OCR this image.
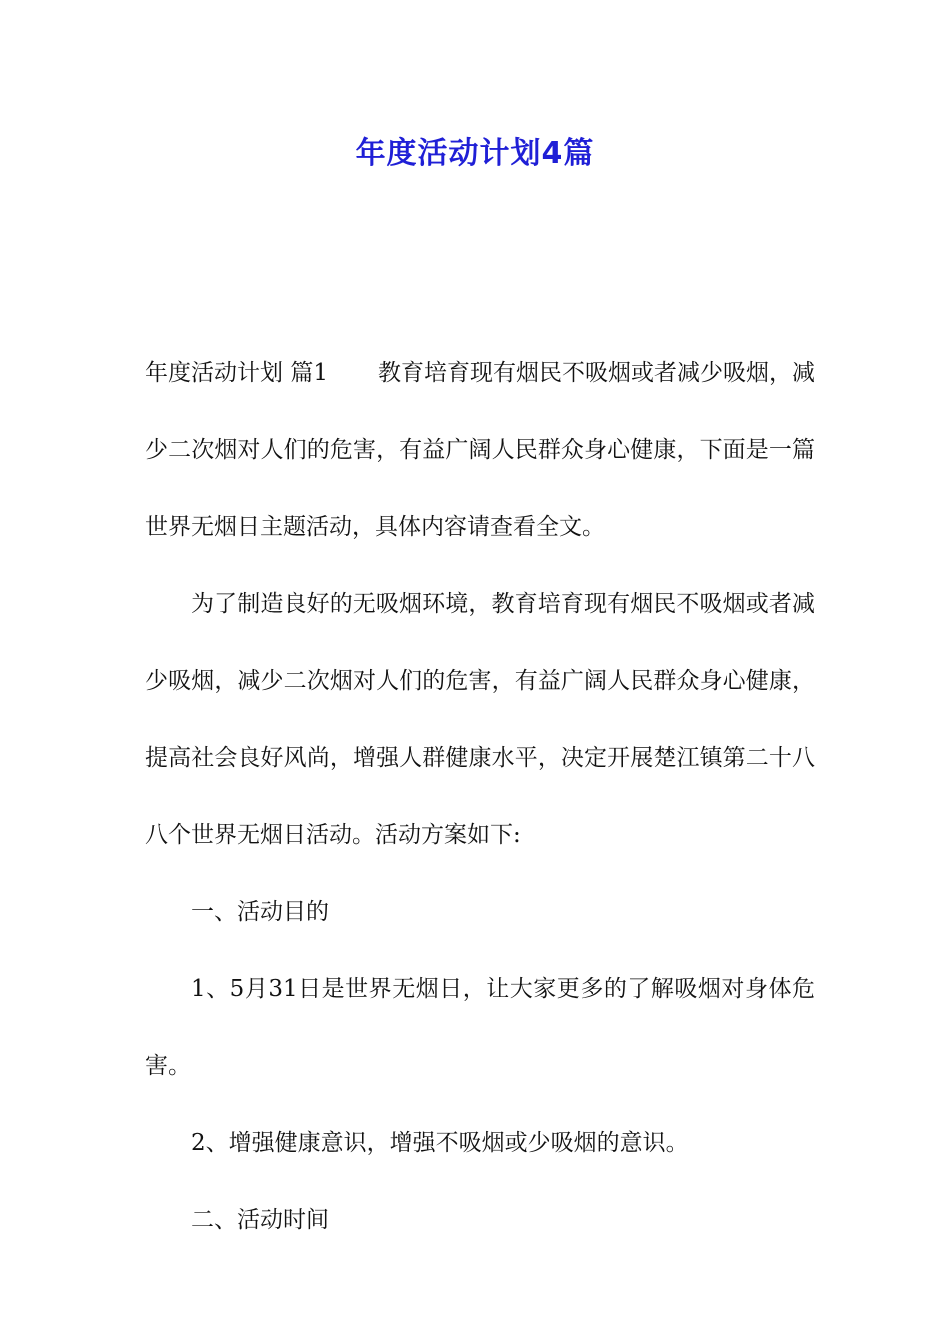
年度活动计划4篇

年度活动计划 篇1 教育培育现有烟民不吸烟或者减少吸烟，减少二次烟对人们的危害，有益广阔人民群众身心健康，下面是一篇世界无烟日主题活动，具体内容请查看全文。

为了制造良好的无吸烟环境，教育培育现有烟民不吸烟或者减少吸烟，减少二次烟对人们的危害，有益广阔人民群众身心健康，提高社会良好风尚，增强人群健康水平，决定开展楚江镇第二十八八个世界无烟日活动。活动方案如下:

一、活动目的

1、5月31日是世界无烟日，让大家更多的了解吸烟对身体危害。

2、增强健康意识，增强不吸烟或少吸烟的意识。

二、活动时间
